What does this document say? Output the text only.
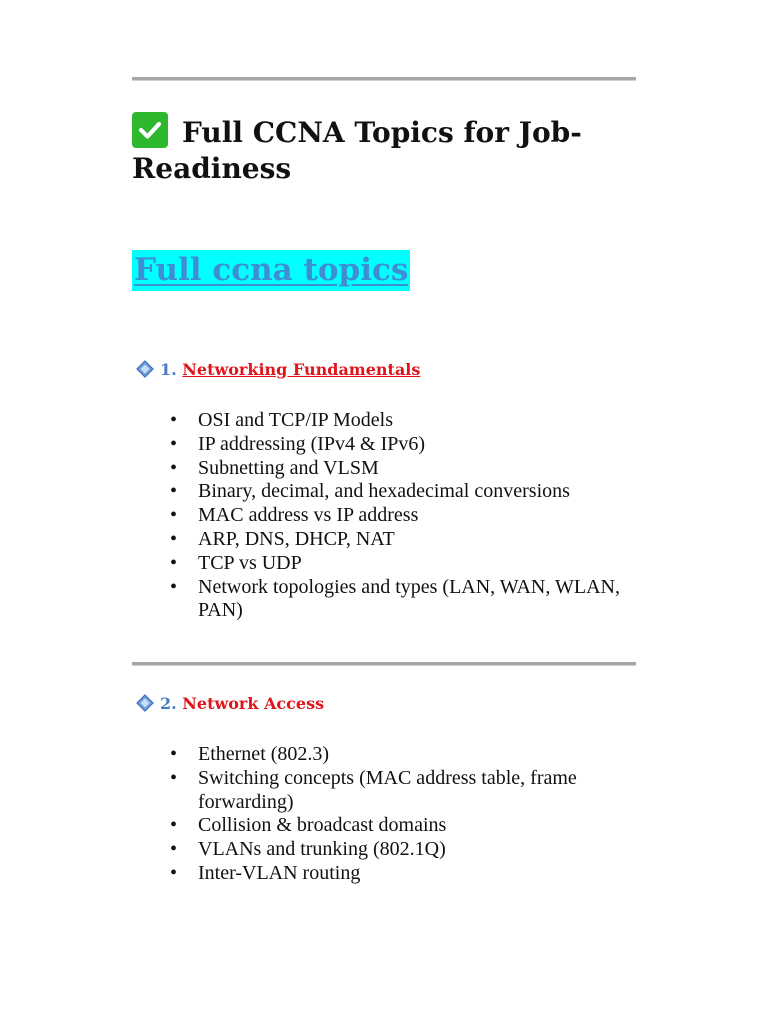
Full CCNA Topics for Job-Readiness
Full ccna topics
1. Networking Fundamentals
• OSI and TCP/IP Models
• IP addressing (IPv4 & IPv6)
• Subnetting and VLSM
• Binary, decimal, and hexadecimal conversions
• MAC address vs IP address
• ARP, DNS, DHCP, NAT
• TCP vs UDP
• Network topologies and types (LAN, WAN, WLAN, PAN)
2. Network Access
• Ethernet (802.3)
• Switching concepts (MAC address table, frame forwarding)
• Collision & broadcast domains
• VLANs and trunking (802.1Q)
• Inter-VLAN routing
